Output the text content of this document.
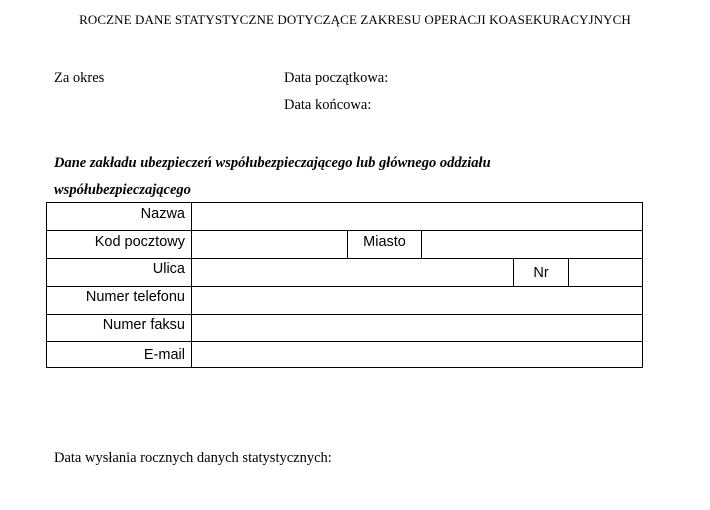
ROCZNE DANE STATYSTYCZNE DOTYCZĄCE ZAKRESU OPERACJI KOASEKURACYJNYCH
Za okres	Data początkowa:
Data końcowa:
Dane zakładu ubezpieczeń współubezpieczającego lub głównego oddziału
współubezpieczającego
Nazwa
Kod pocztowy	Miasto
Ulica	Nr
Numer telefonu
Numer faksu
E-mail
Data wysłania rocznych danych statystycznych:
